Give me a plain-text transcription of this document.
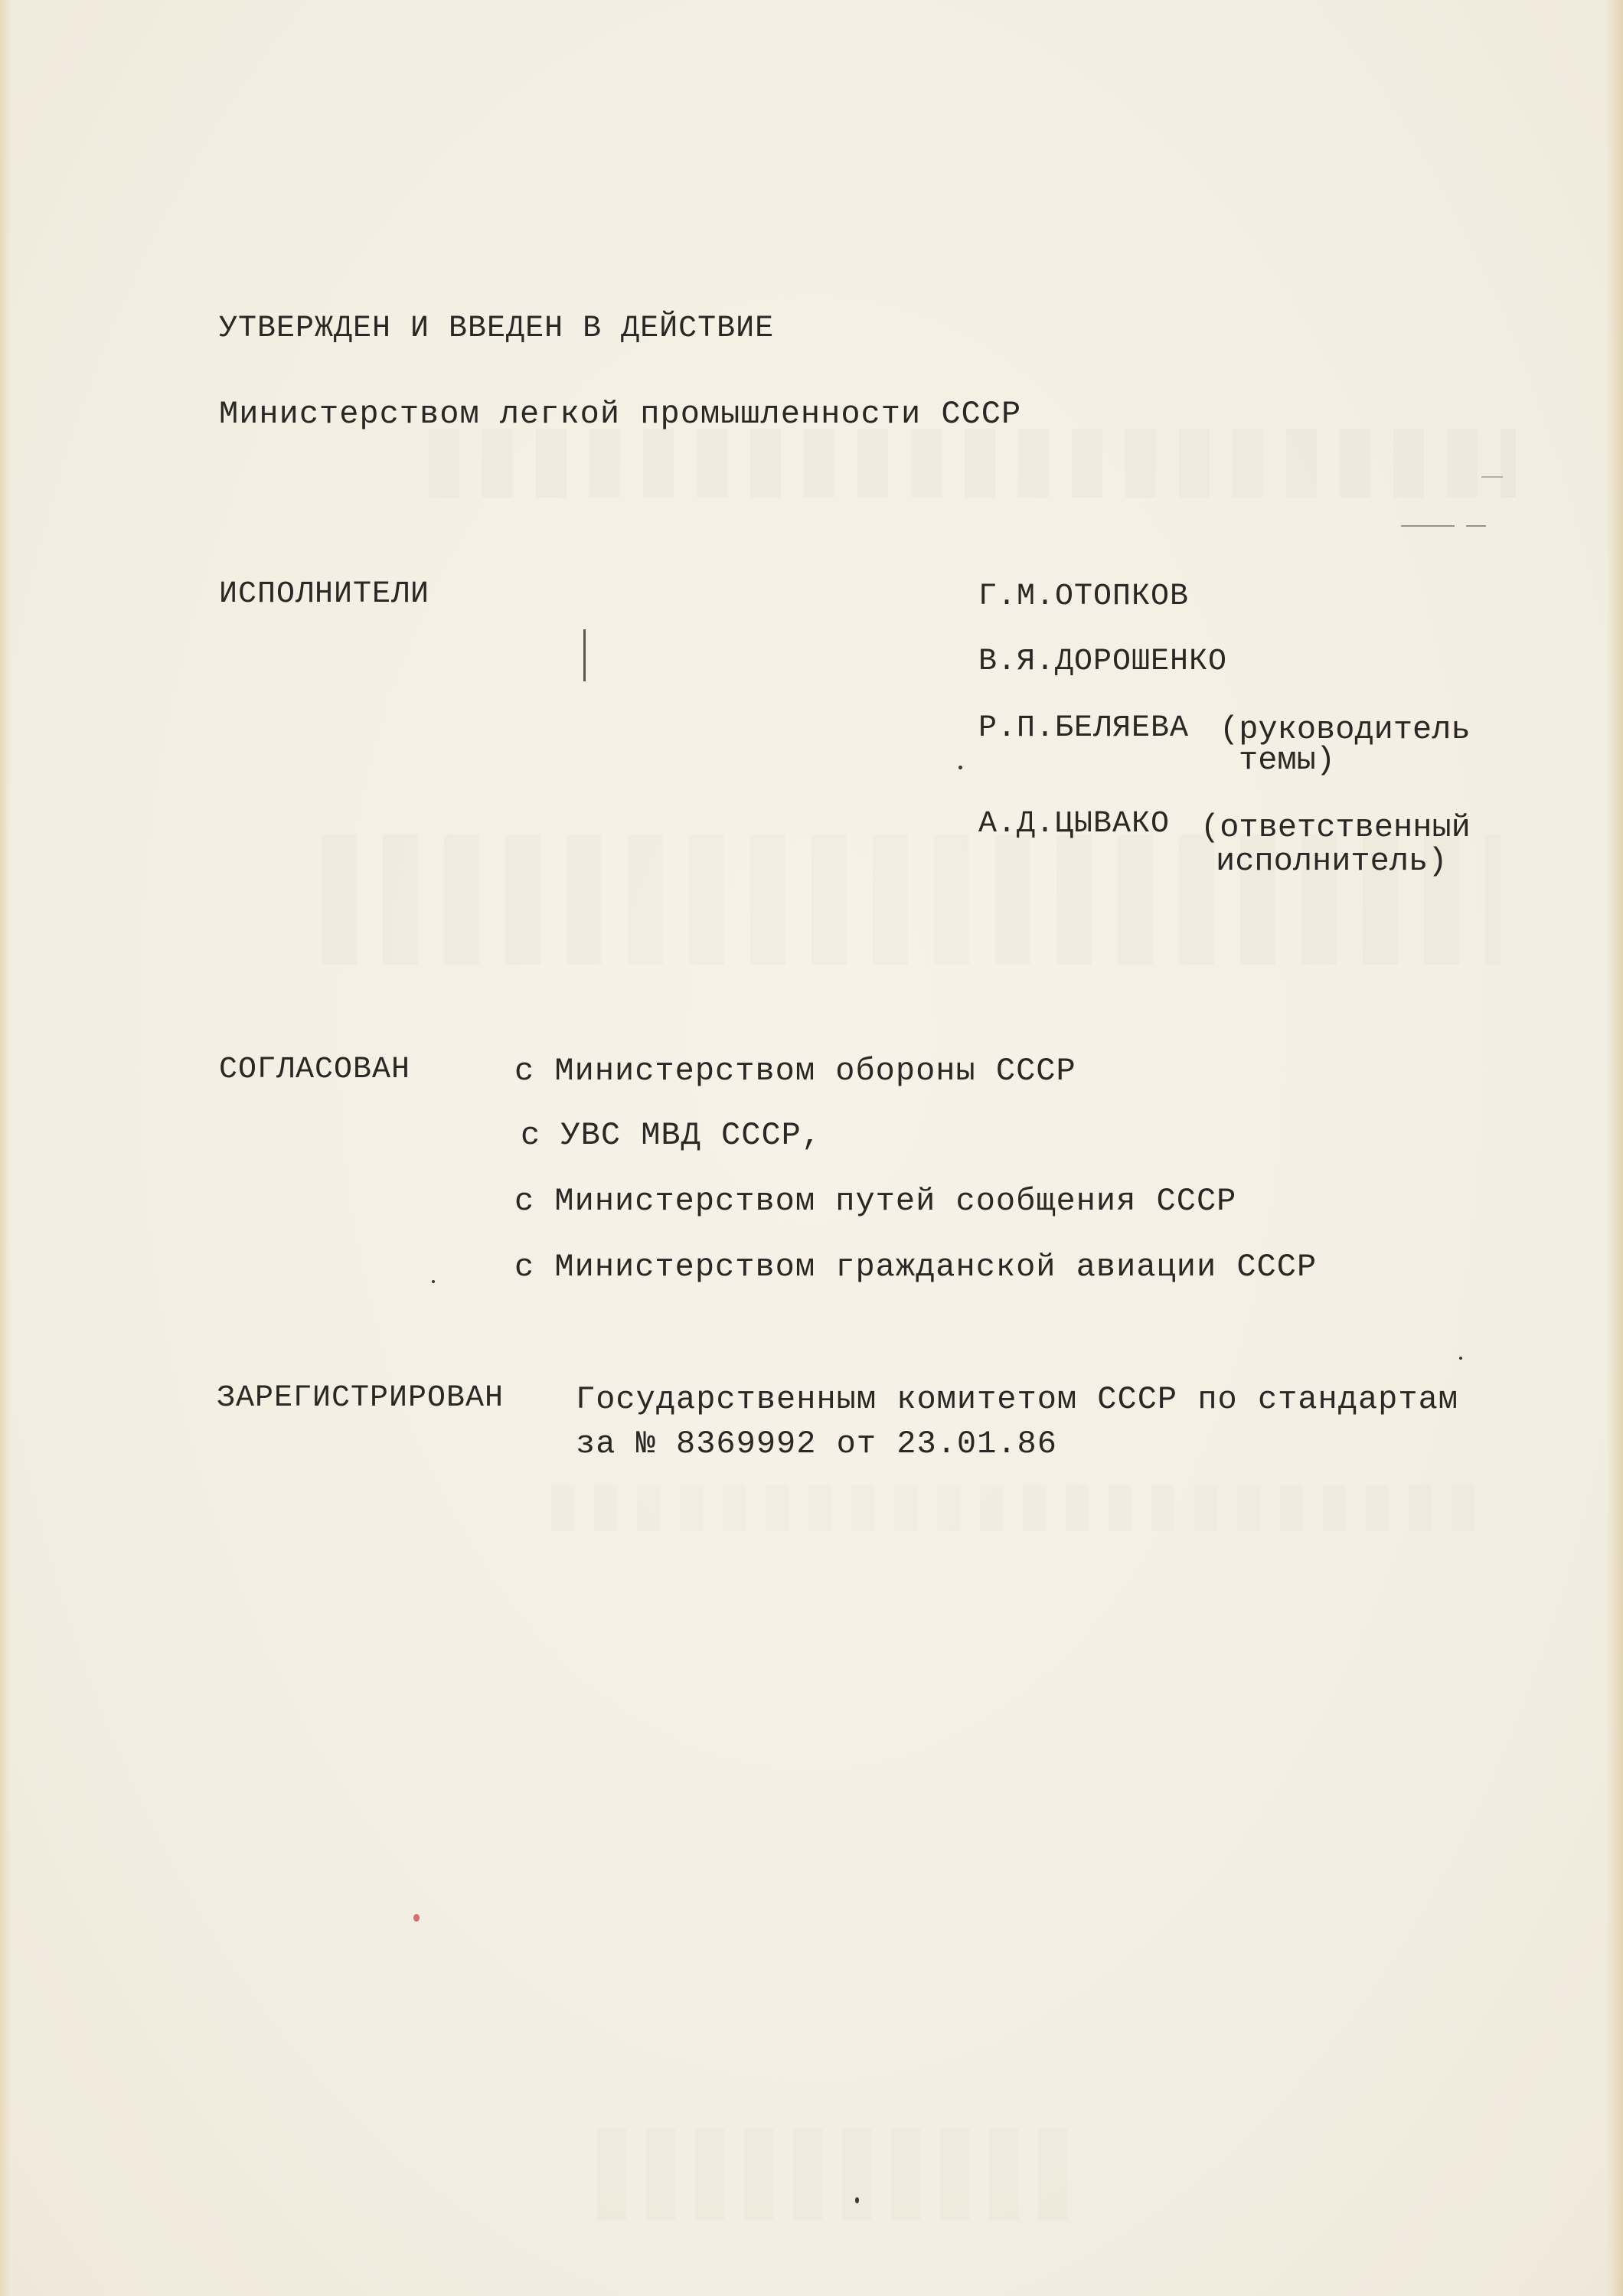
УТВЕРЖДЕН И ВВЕДЕН В ДЕЙСТВИЕ
Министерством легкой промышленности СССР
ИСПОЛНИТЕЛИ	Г.М.ОТОПКОВ
В.Я.ДОРОШЕНКО
Р.П.БЕЛЯЕВА (руководитель
темы)
А.Д.ЦЫВАКО (ответственный
исполнитель)
СОГЛАСОВАН	с Министерством обороны СССР
с УВС МВД СССР,
с Министерством путей сообщения СССР
с Министерством гражданской авиации СССР
ЗАРЕГИСТРИРОВАН Государственным комитетом СССР по стандартам
за № 8369992 от 23.01.86
